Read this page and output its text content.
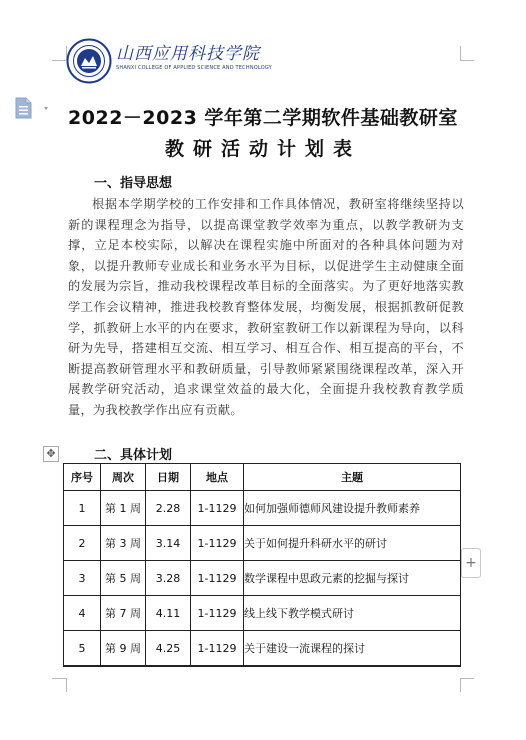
山西应用科技学院
SHANXI COLLEGE OF APPLIED SCIENCE AND TECHNOLOGY
2022－2023 学年第二学期软件基础教研室
教研活动计划表
一、指导思想
根据本学期学校的工作安排和工作具体情况，教研室将继续坚持以新的课程理念为指导，以提高课堂教学效率为重点，以教学教研为支撑，立足本校实际，以解决在课程实施中所面对的各种具体问题为对象，以提升教师专业成长和业务水平为目标，以促进学生主动健康全面的发展为宗旨，推动我校课程改革目标的全面落实。为了更好地落实教学工作会议精神，推进我校教育整体发展，均衡发展，根据抓教研促教学，抓教研上水平的内在要求，教研室教研工作以新课程为导向，以科研为先导，搭建相互交流、相互学习、相互合作、相互提高的平台，不断提高教研管理水平和教研质量，引导教师紧紧围绕课程改革，深入开展教学研究活动，追求课堂效益的最大化，全面提升我校教育教学质量，为我校教学作出应有贡献。
✥	二、具体计划
序号	周次	日期	地点	主题
1	第 1 周	2.28	1-1129	如何加强师德师风建设提升教师素养
2	第 3 周	3.14	1-1129	关于如何提升科研水平的研讨
3	第 5 周	3.28	1-1129	数学课程中思政元素的挖掘与探讨
4	第 7 周	4.11	1-1129	线上线下教学模式研讨
5	第 9 周	4.25	1-1129	关于建设一流课程的探讨
+
